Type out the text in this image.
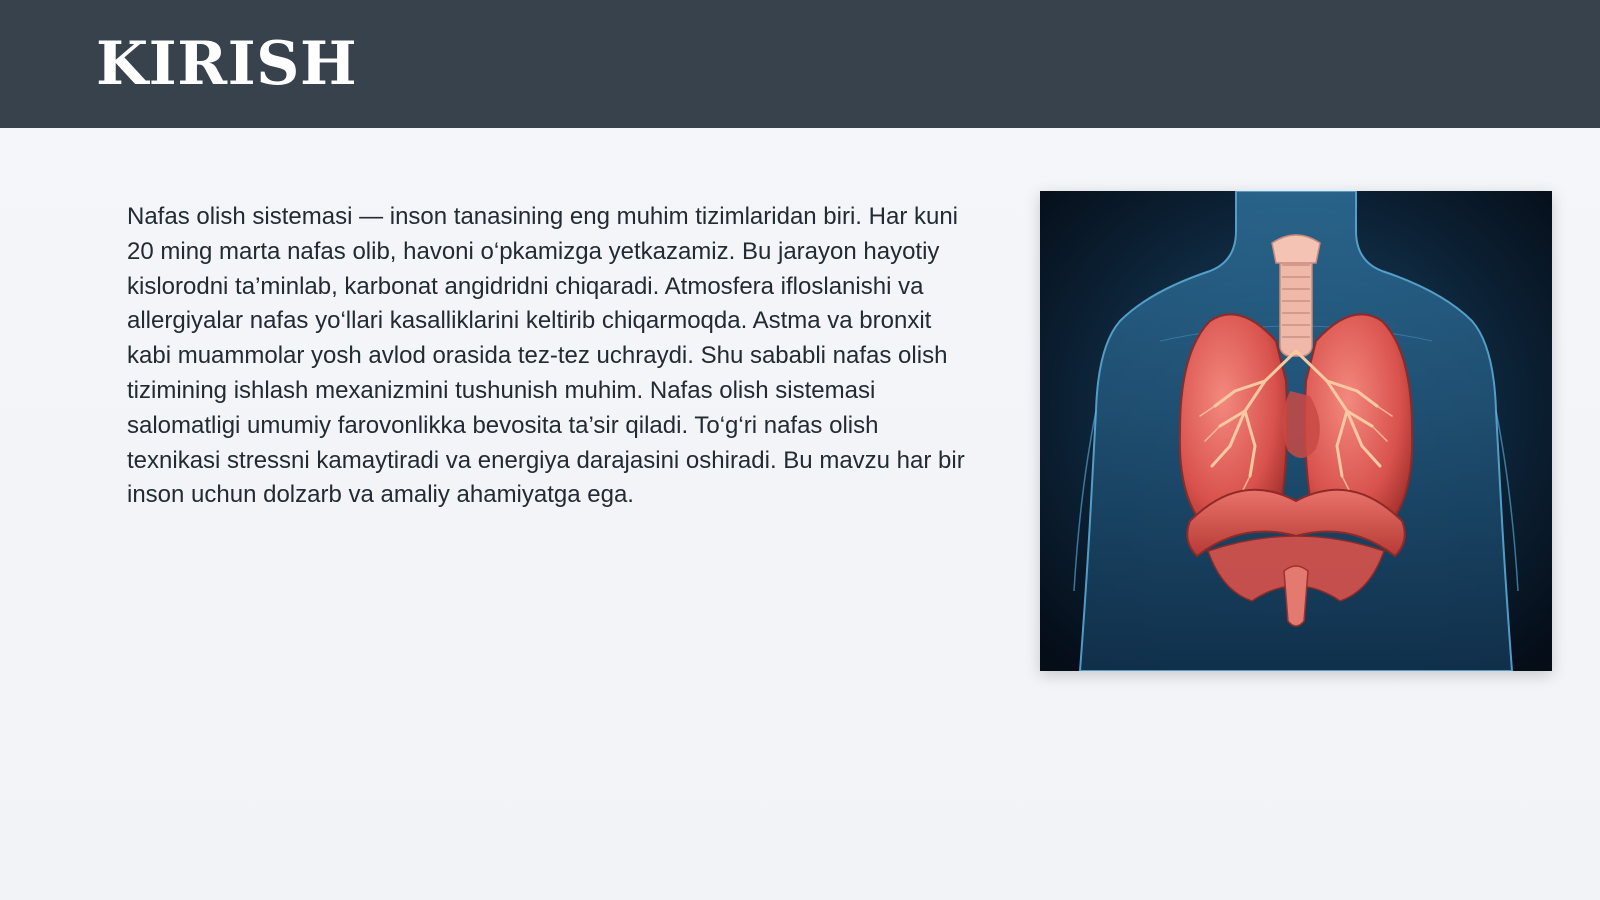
KIRISH

Nafas olish sistemasi — inson tanasining eng muhim tizimlaridan biri. Har kuni 20 ming marta nafas olib, havoni o‘pkamizga yetkazamiz. Bu jarayon hayotiy kislorodni ta’minlab, karbonat angidridni chiqaradi. Atmosfera ifloslanishi va allergiyalar nafas yo‘llari kasalliklarini keltirib chiqarmoqda. Astma va bronxit kabi muammolar yosh avlod orasida tez-tez uchraydi. Shu sababli nafas olish tizimining ishlash mexanizmini tushunish muhim. Nafas olish sistemasi salomatligi umumiy farovonlikka bevosita ta’sir qiladi. To‘g‘ri nafas olish texnikasi stressni kamaytiradi va energiya darajasini oshiradi. Bu mavzu har bir inson uchun dolzarb va amaliy ahamiyatga ega.
